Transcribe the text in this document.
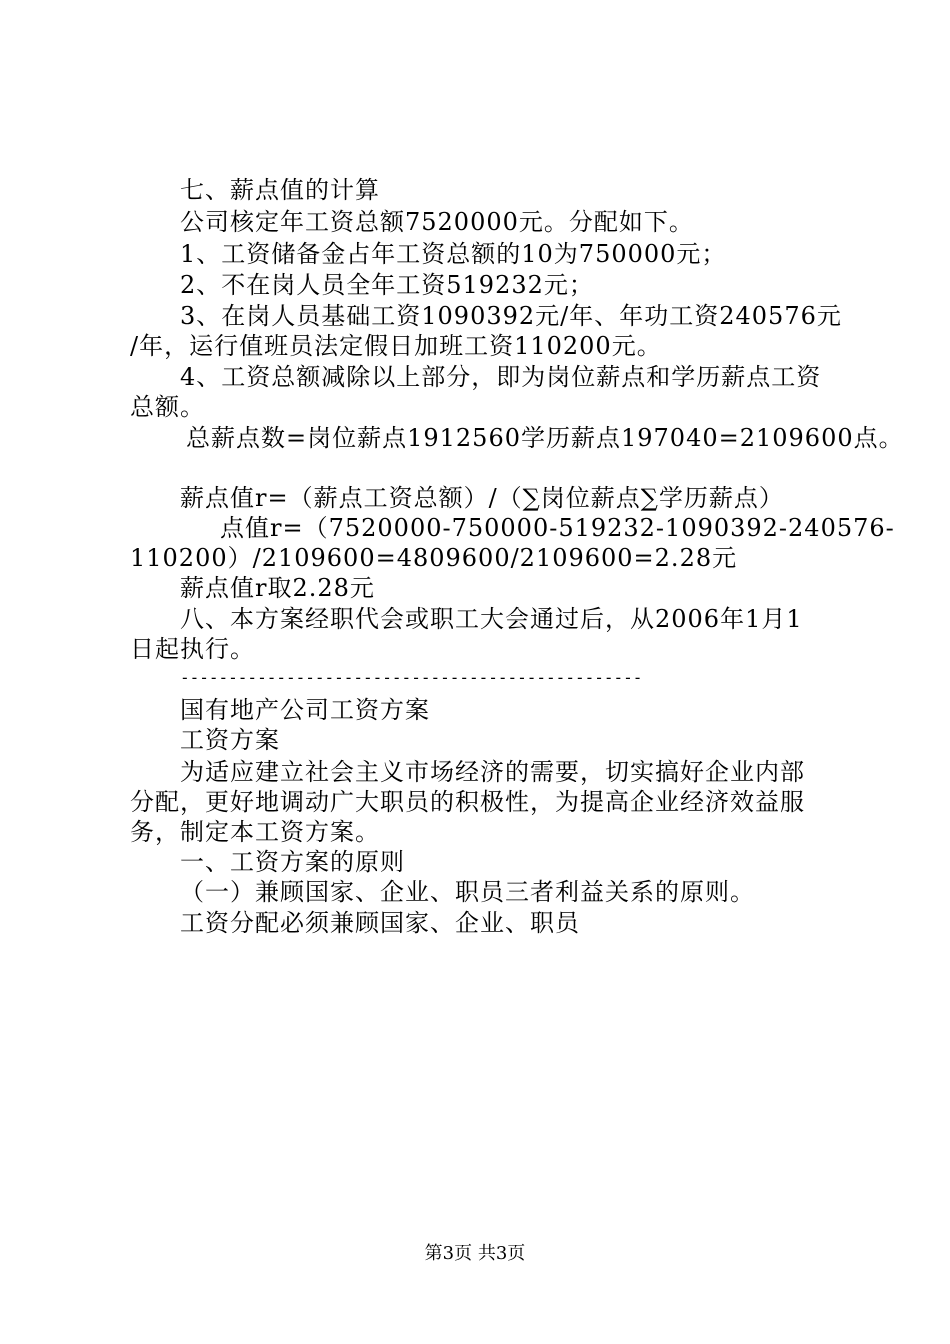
七、薪点值的计算
公司核定年工资总额7520000元。分配如下。
1、工资储备金占年工资总额的10为750000元；
2、不在岗人员全年工资519232元；
3、在岗人员基础工资1090392元/年、年功工资240576元
/年，运行值班员法定假日加班工资110200元。
4、工资总额减除以上部分，即为岗位薪点和学历薪点工资
总额。
总薪点数=岗位薪点1912560学历薪点197040=2109600点。
薪点值r=（薪点工资总额）/（∑岗位薪点∑学历薪点）
点 值 r= （ 7520000-750000-519232-1090392-240576-
110200）/2109600=4809600/2109600=2.28元
薪点值r取2.28元
八、本方案经职代会或职工大会通过后，从2006年1月1
日起执行。
------------------------------------------------
国有地产公司工资方案
工资方案
为适应建立社会主义市场经济的需要，切实搞好企业内部
分配，更好地调动广大职员的积极性，为提高企业经济效益服
务，制定本工资方案。
一、工资方案的原则
（一）兼顾国家、企业、职员三者利益关系的原则。
工资分配必须兼顾国家、企业、职员
第3页 共3页
